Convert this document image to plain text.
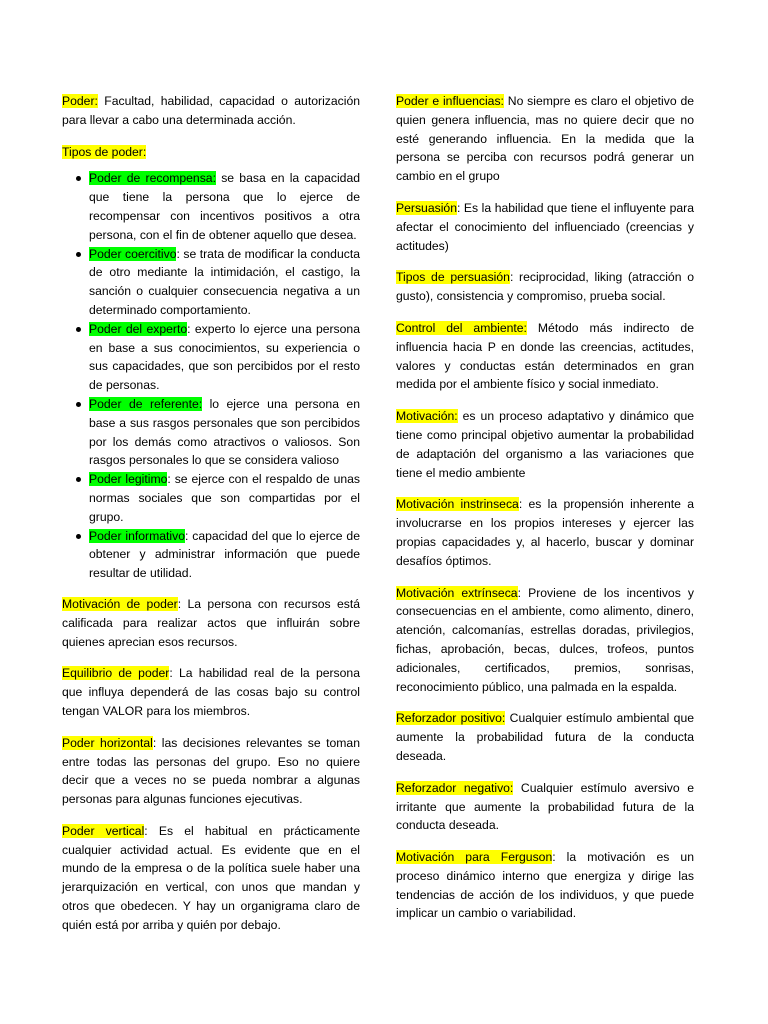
Poder: Facultad, habilidad, capacidad o autorización para llevar a cabo una determinada acción.

Tipos de poder:

Poder de recompensa: se basa en la capacidad que tiene la persona que lo ejerce de recompensar con incentivos positivos a otra persona, con el fin de obtener aquello que desea.
Poder coercitivo: se trata de modificar la conducta de otro mediante la intimidación, el castigo, la sanción o cualquier consecuencia negativa a un determinado comportamiento.
Poder del experto: experto lo ejerce una persona en base a sus conocimientos, su experiencia o sus capacidades, que son percibidos por el resto de personas.
Poder de referente: lo ejerce una persona en base a sus rasgos personales que son percibidos por los demás como atractivos o valiosos. Son rasgos personales lo que se considera valioso
Poder legitimo: se ejerce con el respaldo de unas normas sociales que son compartidas por el grupo.
Poder informativo: capacidad del que lo ejerce de obtener y administrar información que puede resultar de utilidad.

Motivación de poder: La persona con recursos está calificada para realizar actos que influirán sobre quienes aprecian esos recursos.

Equilibrio de poder: La habilidad real de la persona que influya dependerá de las cosas bajo su control tengan VALOR para los miembros.

Poder horizontal: las decisiones relevantes se toman entre todas las personas del grupo. Eso no quiere decir que a veces no se pueda nombrar a algunas personas para algunas funciones ejecutivas.

Poder vertical: Es el habitual en prácticamente cualquier actividad actual. Es evidente que en el mundo de la empresa o de la política suele haber una jerarquización en vertical, con unos que mandan y otros que obedecen. Y hay un organigrama claro de quién está por arriba y quién por debajo.

Poder e influencias: No siempre es claro el objetivo de quien genera influencia, mas no quiere decir que no esté generando influencia. En la medida que la persona se perciba con recursos podrá generar un cambio en el grupo

Persuasión: Es la habilidad que tiene el influyente para afectar el conocimiento del influenciado (creencias y actitudes)

Tipos de persuasión: reciprocidad, liking (atracción o gusto), consistencia y compromiso, prueba social.

Control del ambiente: Método más indirecto de influencia hacia P en donde las creencias, actitudes, valores y conductas están determinados en gran medida por el ambiente físico y social inmediato.

Motivación: es un proceso adaptativo y dinámico que tiene como principal objetivo aumentar la probabilidad de adaptación del organismo a las variaciones que tiene el medio ambiente

Motivación instrinseca: es la propensión inherente a involucrarse en los propios intereses y ejercer las propias capacidades y, al hacerlo, buscar y dominar desafíos óptimos.

Motivación extrínseca: Proviene de los incentivos y consecuencias en el ambiente, como alimento, dinero, atención, calcomanías, estrellas doradas, privilegios, fichas, aprobación, becas, dulces, trofeos, puntos adicionales, certificados, premios, sonrisas, reconocimiento público, una palmada en la espalda.

Reforzador positivo: Cualquier estímulo ambiental que aumente la probabilidad futura de la conducta deseada.

Reforzador negativo: Cualquier estímulo aversivo e irritante que aumente la probabilidad futura de la conducta deseada.

Motivación para Ferguson: la motivación es un proceso dinámico interno que energiza y dirige las tendencias de acción de los individuos, y que puede implicar un cambio o variabilidad.
